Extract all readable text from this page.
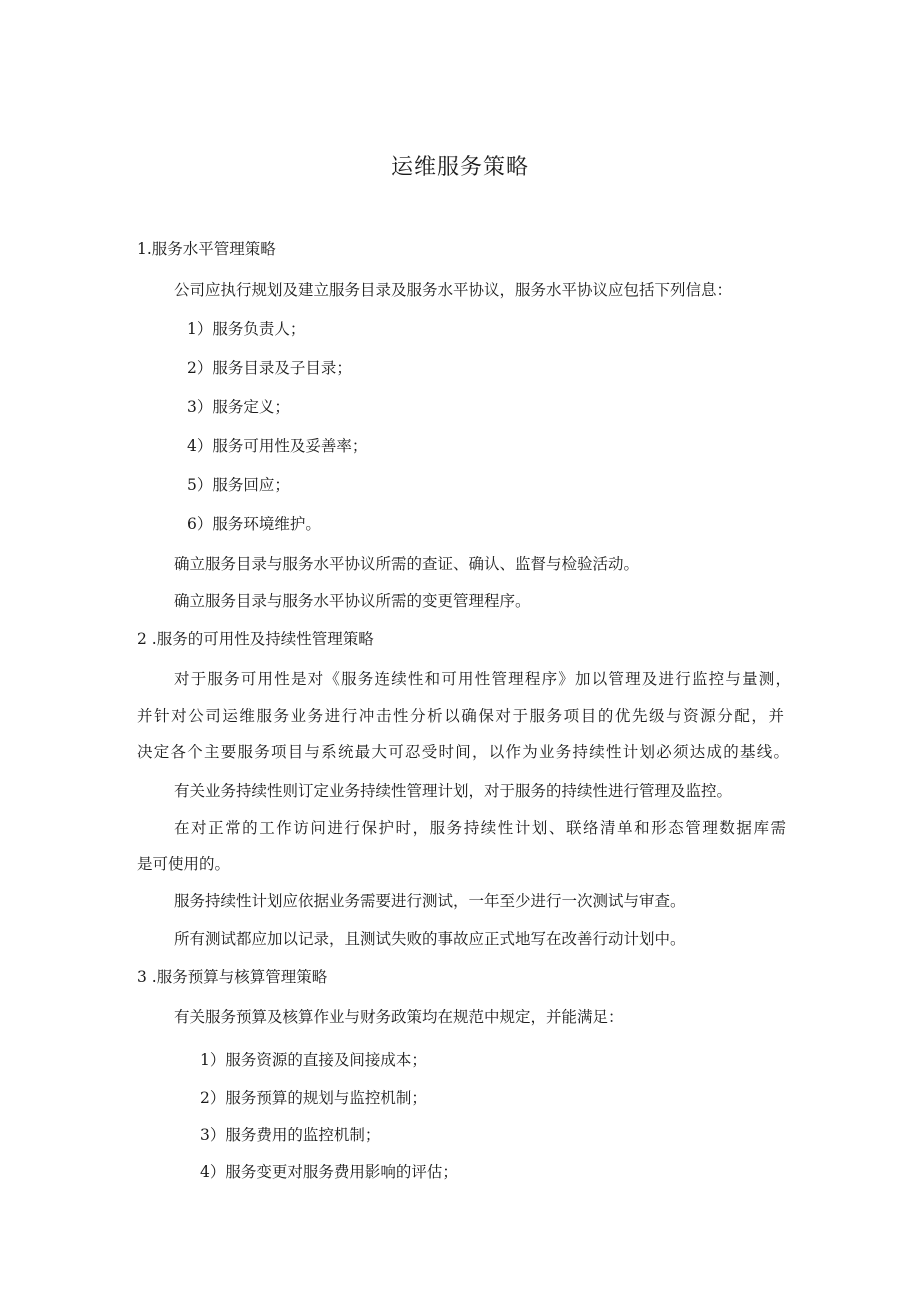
运维服务策略
1.服务水平管理策略
公司应执行规划及建立服务目录及服务水平协议，服务水平协议应包括下列信息：
1）服务负责人；
2）服务目录及子目录；
3）服务定义；
4）服务可用性及妥善率；
5）服务回应；
6）服务环境维护。
确立服务目录与服务水平协议所需的查证、确认、监督与检验活动。
确立服务目录与服务水平协议所需的变更管理程序。
2 .服务的可用性及持续性管理策略
对于服务可用性是对《服务连续性和可用性管理程序》加以管理及进行监控与量测，
并针对公司运维服务业务进行冲击性分析以确保对于服务项目的优先级与资源分配，并
决定各个主要服务项目与系统最大可忍受时间，以作为业务持续性计划必须达成的基线。
有关业务持续性则订定业务持续性管理计划，对于服务的持续性进行管理及监控。
在对正常的工作访问进行保护时，服务持续性计划、联络清单和形态管理数据库需
是可使用的。
服务持续性计划应依据业务需要进行测试，一年至少进行一次测试与审查。
所有测试都应加以记录，且测试失败的事故应正式地写在改善行动计划中。
3 .服务预算与核算管理策略
有关服务预算及核算作业与财务政策均在规范中规定，并能满足：
1）服务资源的直接及间接成本；
2）服务预算的规划与监控机制；
3）服务费用的监控机制；
4）服务变更对服务费用影响的评估；
